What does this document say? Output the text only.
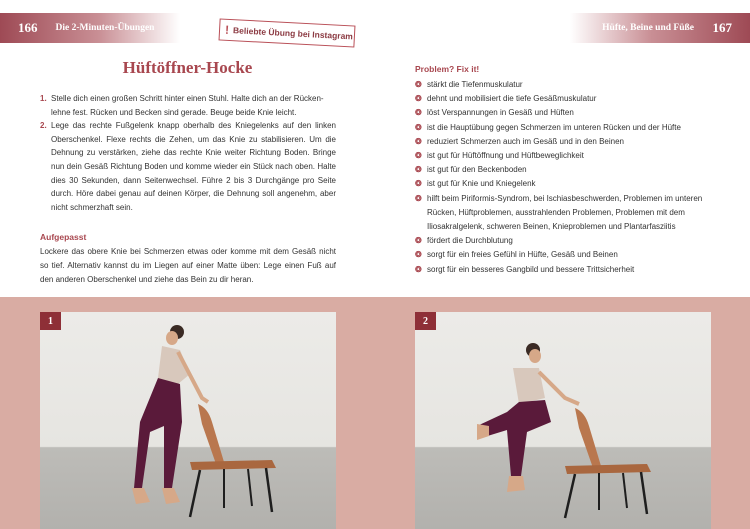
166 Die 2-Minuten-Übungen	Hüfte, Beine und Füße 167
! Beliebte Übung bei Instagram
Hüftöffner-Hocke
1. Stelle dich einen großen Schritt hinter einen Stuhl. Halte dich an der Rücken-
lehne fest. Rücken und Becken sind gerade. Beuge beide Knie leicht.
2. Lege das rechte Fußgelenk knapp oberhalb des Kniegelenks auf den linken Oberschenkel. Flexe rechts die Zehen, um das Knie zu stabilisieren. Um die Dehnung zu verstärken, ziehe das rechte Knie weiter Richtung Boden. Bringe nun dein Gesäß Richtung Boden und komme wieder ein Stück nach oben. Halte dies 30 Sekunden, dann Seitenwechsel. Führe 2 bis 3 Durchgänge pro Seite durch. Höre dabei genau auf deinen Körper, die Dehnung soll angenehm, aber nicht schmerzhaft sein.
Aufgepasst

Lockere das obere Knie bei Schmerzen etwas oder komme mit dem Gesäß nicht so tief. Alternativ kannst du im Liegen auf einer Matte üben: Lege einen Fuß auf den anderen Oberschenkel und ziehe das Bein zu dir heran.

Problem? Fix it!
❂ stärkt die Tiefenmuskulatur
❂ dehnt und mobilisiert die tiefe Gesäßmuskulatur
❂ löst Verspannungen in Gesäß und Hüften
❂ ist die Hauptübung gegen Schmerzen im unteren Rücken und der Hüfte
❂ reduziert Schmerzen auch im Gesäß und in den Beinen
❂ ist gut für Hüftöffnung und Hüftbeweglichkeit
❂ ist gut für den Beckenboden
❂ ist gut für Knie und Kniegelenk
❂ hilft beim Piriformis-Syndrom, bei Ischiasbeschwerden, Problemen im unteren Rücken, Hüftproblemen, ausstrahlenden Problemen, Problemen mit dem Iliosakralgelenk, schweren Beinen, Knieproblemen und Plantarfasziitis
❂ fördert die Durchblutung
❂ sorgt für ein freies Gefühl in Hüfte, Gesäß und Beinen
❂ sorgt für ein besseres Gangbild und bessere Trittsicherheit
1	2
